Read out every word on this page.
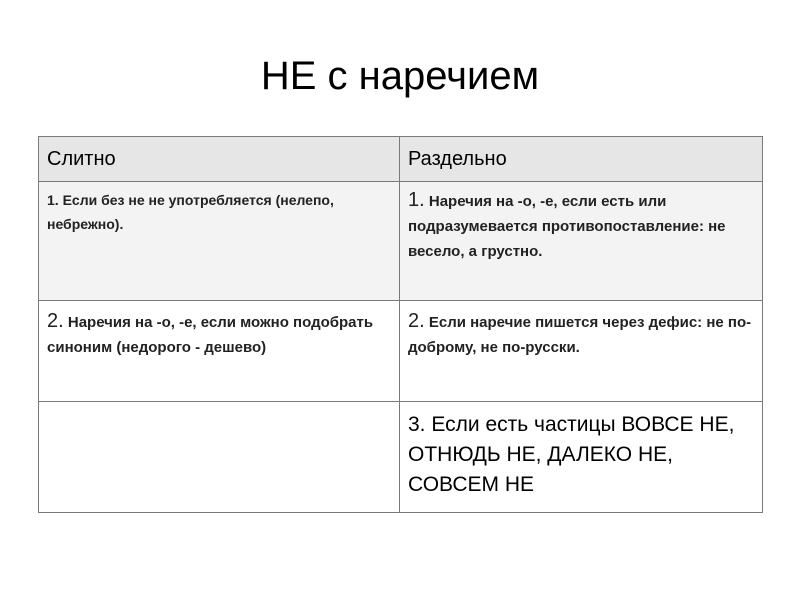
НЕ с наречием
Слитно	Раздельно

1. Если без не не употребляется (нелепо, небрежно).	1. Наречия на -о, -е, если есть или подразумевается противопоставление: не весело, а грустно.

2. Наречия на -о, -е, если можно подобрать синоним (недорого - дешево)	2. Если наречие пишется через дефис: не по-доброму, не по-русски.

	3. Если есть частицы ВОВСЕ НЕ, ОТНЮДЬ НЕ, ДАЛЕКО НЕ, СОВСЕМ НЕ
